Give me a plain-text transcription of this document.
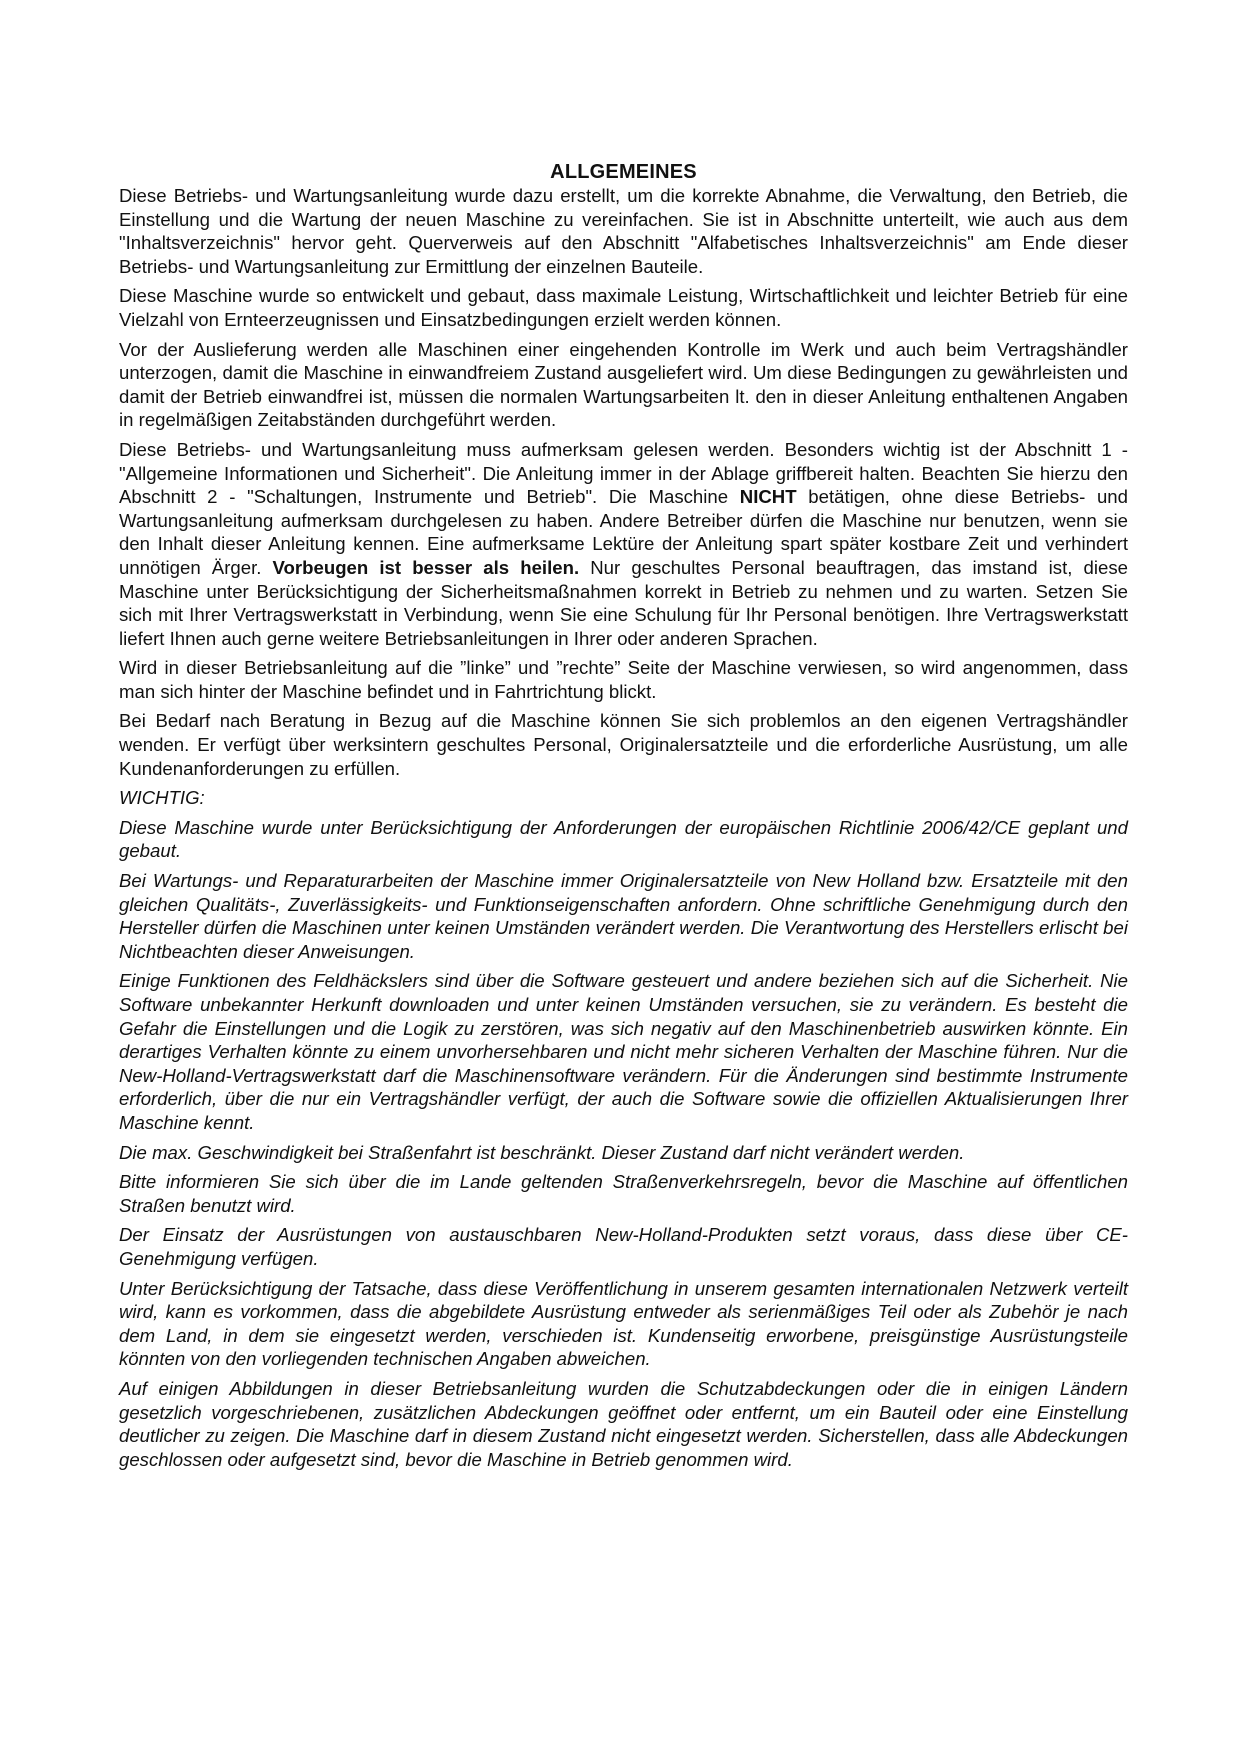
ALLGEMEINES

Diese Betriebs- und Wartungsanleitung wurde dazu erstellt, um die korrekte Abnahme, die Verwaltung, den Betrieb, die Einstellung und die Wartung der neuen Maschine zu vereinfachen. Sie ist in Abschnitte unterteilt, wie auch aus dem "Inhaltsverzeichnis" hervor geht. Querverweis auf den Abschnitt "Alfabetisches Inhaltsverzeichnis" am Ende dieser Betriebs- und Wartungsanleitung zur Ermittlung der einzelnen Bauteile.

Diese Maschine wurde so entwickelt und gebaut, dass maximale Leistung, Wirtschaftlichkeit und leichter Betrieb für eine Vielzahl von Ernteerzeugnissen und Einsatzbedingungen erzielt werden können.

Vor der Auslieferung werden alle Maschinen einer eingehenden Kontrolle im Werk und auch beim Vertragshändler unterzogen, damit die Maschine in einwandfreiem Zustand ausgeliefert wird. Um diese Bedingungen zu gewährleisten und damit der Betrieb einwandfrei ist, müssen die normalen Wartungsarbeiten lt. den in dieser Anleitung enthaltenen Angaben in regelmäßigen Zeitabständen durchgeführt werden.

Diese Betriebs- und Wartungsanleitung muss aufmerksam gelesen werden. Besonders wichtig ist der Abschnitt 1 - "Allgemeine Informationen und Sicherheit". Die Anleitung immer in der Ablage griffbereit halten. Beachten Sie hierzu den Abschnitt 2 - "Schaltungen, Instrumente und Betrieb". Die Maschine NICHT betätigen, ohne diese Betriebs- und Wartungsanleitung aufmerksam durchgelesen zu haben. Andere Betreiber dürfen die Maschine nur benutzen, wenn sie den Inhalt dieser Anleitung kennen. Eine aufmerksame Lektüre der Anleitung spart später kostbare Zeit und verhindert unnötigen Ärger. Vorbeugen ist besser als heilen. Nur geschultes Personal beauftragen, das imstand ist, diese Maschine unter Berücksichtigung der Sicherheitsmaßnahmen korrekt in Betrieb zu nehmen und zu warten. Setzen Sie sich mit Ihrer Vertragswerkstatt in Verbindung, wenn Sie eine Schulung für Ihr Personal benötigen. Ihre Vertragswerkstatt liefert Ihnen auch gerne weitere Betriebsanleitungen in Ihrer oder anderen Sprachen.

Wird in dieser Betriebsanleitung auf die ”linke” und ”rechte” Seite der Maschine verwiesen, so wird angenommen, dass man sich hinter der Maschine befindet und in Fahrtrichtung blickt.

Bei Bedarf nach Beratung in Bezug auf die Maschine können Sie sich problemlos an den eigenen Vertragshändler wenden. Er verfügt über werksintern geschultes Personal, Originalersatzteile und die erforderliche Ausrüstung, um alle Kundenanforderungen zu erfüllen.

WICHTIG:

Diese Maschine wurde unter Berücksichtigung der Anforderungen der europäischen Richtlinie 2006/42/CE geplant und gebaut.

Bei Wartungs- und Reparaturarbeiten der Maschine immer Originalersatzteile von New Holland bzw. Ersatzteile mit den gleichen Qualitäts-, Zuverlässigkeits- und Funktionseigenschaften anfordern. Ohne schriftliche Genehmigung durch den Hersteller dürfen die Maschinen unter keinen Umständen verändert werden. Die Verantwortung des Herstellers erlischt bei Nichtbeachten dieser Anweisungen.

Einige Funktionen des Feldhäckslers sind über die Software gesteuert und andere beziehen sich auf die Sicherheit. Nie Software unbekannter Herkunft downloaden und unter keinen Umständen versuchen, sie zu verändern. Es besteht die Gefahr die Einstellungen und die Logik zu zerstören, was sich negativ auf den Maschinenbetrieb auswirken könnte. Ein derartiges Verhalten könnte zu einem unvorhersehbaren und nicht mehr sicheren Verhalten der Maschine führen. Nur die New-Holland-Vertragswerkstatt darf die Maschinensoftware verändern. Für die Änderungen sind bestimmte Instrumente erforderlich, über die nur ein Vertragshändler verfügt, der auch die Software sowie die offiziellen Aktualisierungen Ihrer Maschine kennt.

Die max. Geschwindigkeit bei Straßenfahrt ist beschränkt. Dieser Zustand darf nicht verändert werden.

Bitte informieren Sie sich über die im Lande geltenden Straßenverkehrsregeln, bevor die Maschine auf öffentlichen Straßen benutzt wird.

Der Einsatz der Ausrüstungen von austauschbaren New-Holland-Produkten setzt voraus, dass diese über CE-Genehmigung verfügen.

Unter Berücksichtigung der Tatsache, dass diese Veröffentlichung in unserem gesamten internationalen Netzwerk verteilt wird, kann es vorkommen, dass die abgebildete Ausrüstung entweder als serienmäßiges Teil oder als Zubehör je nach dem Land, in dem sie eingesetzt werden, verschieden ist. Kundenseitig erworbene, preisgünstige Ausrüstungsteile könnten von den vorliegenden technischen Angaben abweichen.

Auf einigen Abbildungen in dieser Betriebsanleitung wurden die Schutzabdeckungen oder die in einigen Ländern gesetzlich vorgeschriebenen, zusätzlichen Abdeckungen geöffnet oder entfernt, um ein Bauteil oder eine Einstellung deutlicher zu zeigen. Die Maschine darf in diesem Zustand nicht eingesetzt werden. Sicherstellen, dass alle Abdeckungen geschlossen oder aufgesetzt sind, bevor die Maschine in Betrieb genommen wird.
